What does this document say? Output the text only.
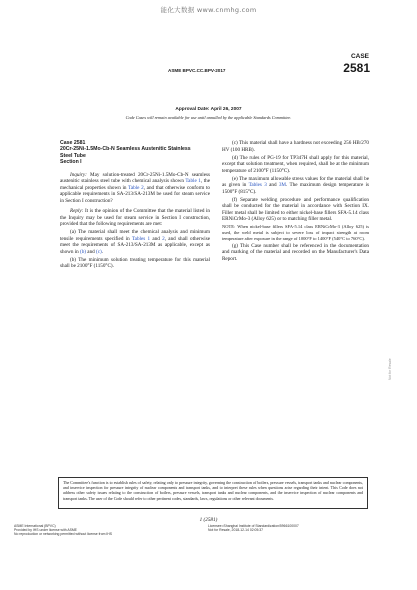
能化大数据 www.cnmhg.com
ASME BPVC.CC.BPV-2017
CASE
2581
Approval Date: April 26, 2007
Code Cases will remain available for use until annulled by the applicable Standards Committee.
Case 2581
20Cr-25Ni-1.5Mo-Cb-N Seamless Austenitic Stainless
Steel Tube
Section I

Inquiry: May solution-treated 20Cr-25Ni-1.5Mo-Cb-N seamless austenitic stainless steel tube with chemical analysis shown Table 1, the mechanical properties shown in Table 2, and that otherwise conform to applicable requirements in SA-213/SA-213M be used for steam service in Section I construction?

Reply: It is the opinion of the Committee that the material listed in the Inquiry may be used for steam service in Section I construction, provided that the following requirements are met:

(a) The material shall meet the chemical analysis and minimum tensile requirements specified in Tables 1 and 2, and shall otherwise meet the requirements of SA-213/SA-213M as applicable, except as shown in (b) and (c).

(b) The minimum solution treating temperature for this material shall be 2100°F (1150°C).

(c) This material shall have a hardness not exceeding 256 HB/270 HV (100 HRB).

(d) The rules of PG-19 for TP347H shall apply for this material, except that solution treatment, when required, shall be at the minimum temperature of 2100°F (1150°C).

(e) The maximum allowable stress values for the material shall be as given in Tables 3 and 3M. The maximum design temperature is 1500°F (815°C).

(f) Separate welding procedure and performance qualification shall be conducted for the material in accordance with Section IX. Filler metal shall be limited to either nickel-base fillers SFA-5.14 class ERNiCrMo-3 (Alloy 625) or to matching filler metal.

NOTE: When nickel-base fillers SFA-5.14 class ERNiCrMo-3 (Alloy 625) is used, the weld metal is subject to severe loss of impact strength at room temperature after exposure in the range of 1000°F to 1400°F (540°C to 760°C).

(g) This Case number shall be referenced in the documentation and marking of the material and recorded on the Manufacturer's Data Report.

The Committee's function is to establish rules of safety, relating only to pressure integrity, governing the construction of boilers, pressure vessels, transport tanks and nuclear components, and inservice inspection for pressure integrity of nuclear components and transport tanks, and to interpret these rules when questions arise regarding their intent. This Code does not address other safety issues relating to the construction of boilers, pressure vessels, transport tanks and nuclear components, and the inservice inspection of nuclear components and transport tanks. The user of the Code should refer to other pertinent codes, standards, laws, regulations or other relevant documents.
1 (2581)
ASME International (BPVC)
Provided by IHS under license with ASME
No reproduction or networking permitted without license from IHS
Licensee=Shanghai Institute of Standardization/5966100007
Not for Resale, 2018-12-14 02:05:37
Not for Resale
